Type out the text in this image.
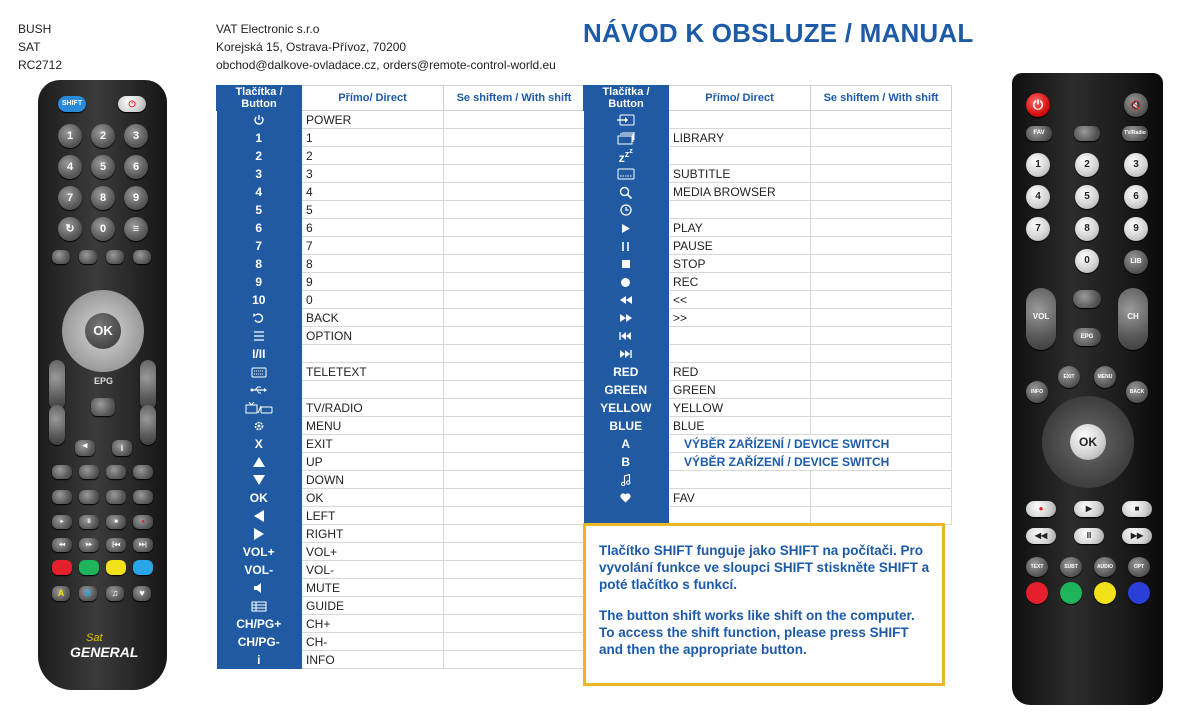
BUSH
SAT
RC2712
VAT Electronic s.r.o
Korejská 15, Ostrava-Přívoz, 70200
obchod@dalkove-ovladace.cz, orders@remote-control-world.eu
NÁVOD K OBSLUZE / MANUAL
SHIFT	⏻
1	2	3
4	5	6
7	8	9
0
↻	≡
OK
EPG
◂	i
▸	II	■	●
◂◂	▸▸	|◂◂	▸▸|
A	B	♫	♥
Sat
GENERAL
⏻	🔇
FAV	TV/Radio
1	2	3
4	5	6
7	8	9
0	LIB
VOL	CH
EPG
INFO
EXIT	MENU
BACK
OK
●	▶	■
◀◀	II	▶▶
TEXT	SUBT	AUDIO	OPT
Tlačítka / Button	Přímo/ Direct	Se shiftem / With shift

	POWER	
1	1	
2	2	
3	3	
4	4	
5	5	
6	6	
7	7	
8	8	
9	9	
10	0	

	BACK	

	OPTION	
I/II		

	TELETEXT	

	TV/RADIO	

	MENU	
X	EXIT	

	UP	

	DOWN	
OK	OK	

	LEFT	

	RIGHT	
VOL+	VOL+	
VOL-	VOL-	

	MUTE	

	GUIDE	
CH/PG+	CH+	
CH/PG-	CH-	
i	INFO	
Tlačítka / Button	Přímo/ Direct	Se shiftem / With shift

	LIBRARY	
$z^{z^z}$		

	SUBTITLE	

	MEDIA BROWSER	

	PLAY	

	PAUSE	

	STOP	

	REC	

	<<	

	>>	

RED	RED	
GREEN	GREEN	
YELLOW	YELLOW	
BLUE	BLUE	
A	VÝBĚR ZAŘÍZENÍ / DEVICE SWITCH	
B	VÝBĚR ZAŘÍZENÍ / DEVICE SWITCH	

	FAV	

Tlačítko SHIFT funguje jako SHIFT na počítači. Pro vyvolání funkce ve sloupci SHIFT stiskněte SHIFT a poté tlačítko s funkcí.

The button shift works like shift on the computer. To access the shift function, please press SHIFT and then the appropriate button.
